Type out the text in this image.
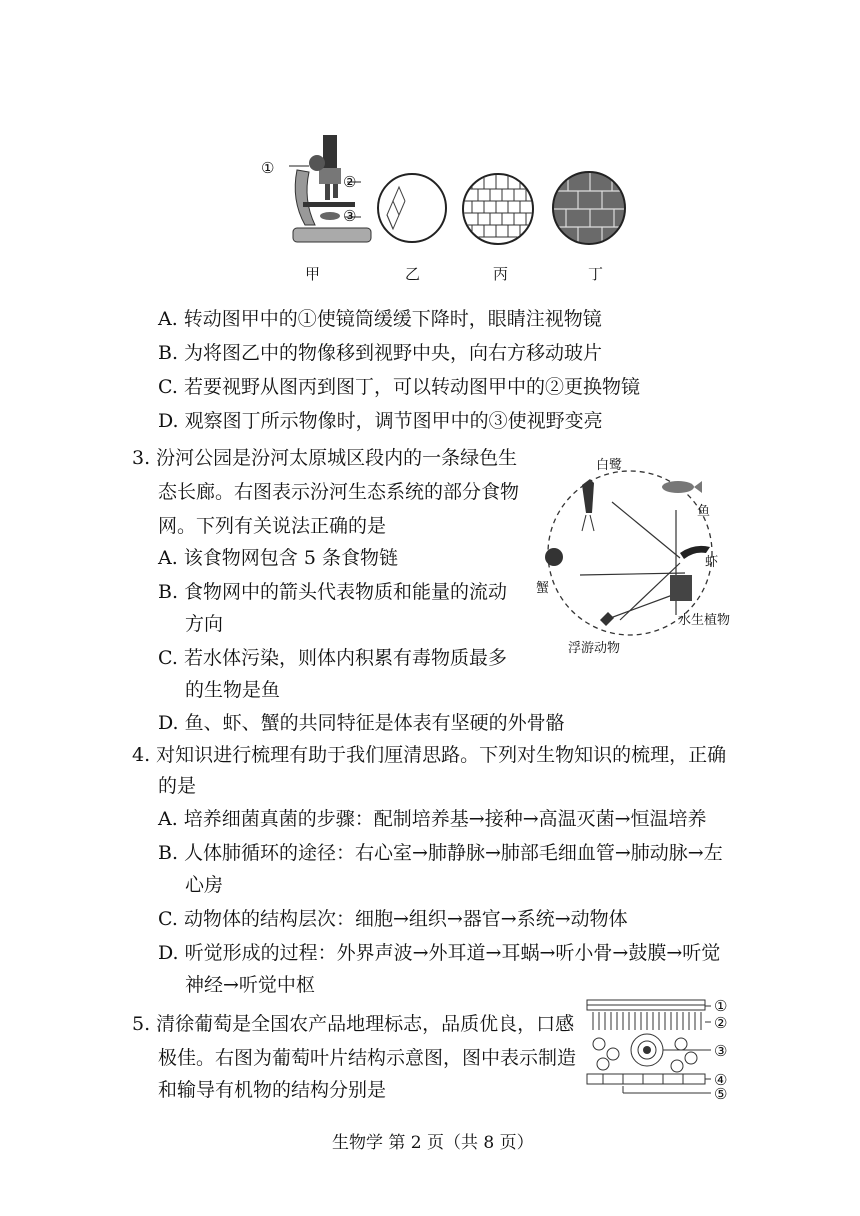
①
②
③
甲	乙	丙	丁
A. 转动图甲中的①使镜筒缓缓下降时，眼睛注视物镜
B. 为将图乙中的物像移到视野中央，向右方移动玻片
C. 若要视野从图丙到图丁，可以转动图甲中的②更换物镜
D. 观察图丁所示物像时，调节图甲中的③使视野变亮
3. 汾河公园是汾河太原城区段内的一条绿色生
态长廊。右图表示汾河生态系统的部分食物
网。下列有关说法正确的是
A. 该食物网包含 5 条食物链
B. 食物网中的箭头代表物质和能量的流动
方向
C. 若水体污染，则体内积累有毒物质最多
的生物是鱼
D. 鱼、虾、蟹的共同特征是体表有坚硬的外骨骼
白鹭
鱼
虾
蟹
水生植物
浮游动物
4. 对知识进行梳理有助于我们厘清思路。下列对生物知识的梳理，正确
的是
A. 培养细菌真菌的步骤：配制培养基→接种→高温灭菌→恒温培养
B. 人体肺循环的途径：右心室→肺静脉→肺部毛细血管→肺动脉→左
心房
C. 动物体的结构层次：细胞→组织→器官→系统→动物体
D. 听觉形成的过程：外界声波→外耳道→耳蜗→听小骨→鼓膜→听觉
神经→听觉中枢
5. 清徐葡萄是全国农产品地理标志，品质优良，口感
极佳。右图为葡萄叶片结构示意图，图中表示制造
和输导有机物的结构分别是
①
②
③
④
⑤
生物学 第 2 页（共 8 页）
